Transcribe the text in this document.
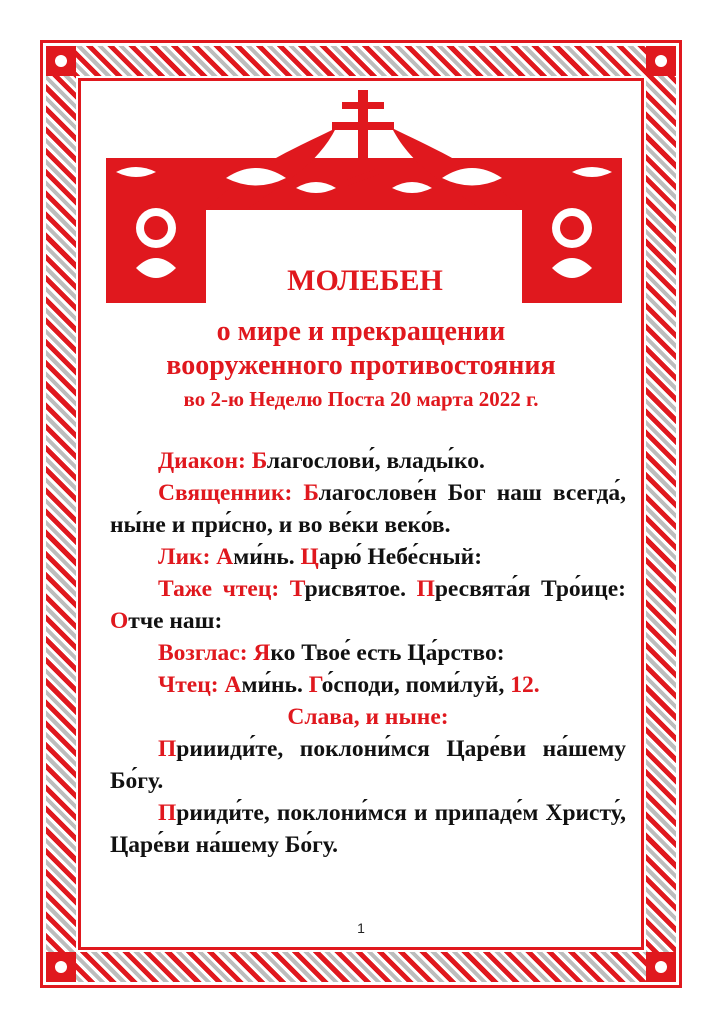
МОЛЕБЕН
о мире и прекращении
вооруженного противостояния
во 2-ю Неделю Поста 20 марта 2022 г.

Диакон: Благослови́, влады́ко.

Священник: Благослове́н Бог наш всегда́, ны́не и при́сно, и во ве́ки веко́в.

Лик: Ами́нь. Царю́ Небе́сный:

Таже чтец: Трисвятое. Пресвята́я Тро́ице: Отче наш:

Возглас: Яко Твое́ есть Ца́рство:

Чтец: Ами́нь. Го́споди, поми́луй, 12.

Слава, и ныне:

Приииди́те, поклони́мся Царе́ви на́шему Бо́гу.

Прииди́те, поклони́мся и припаде́м Христу́, Царе́ви на́шему Бо́гу.

1
